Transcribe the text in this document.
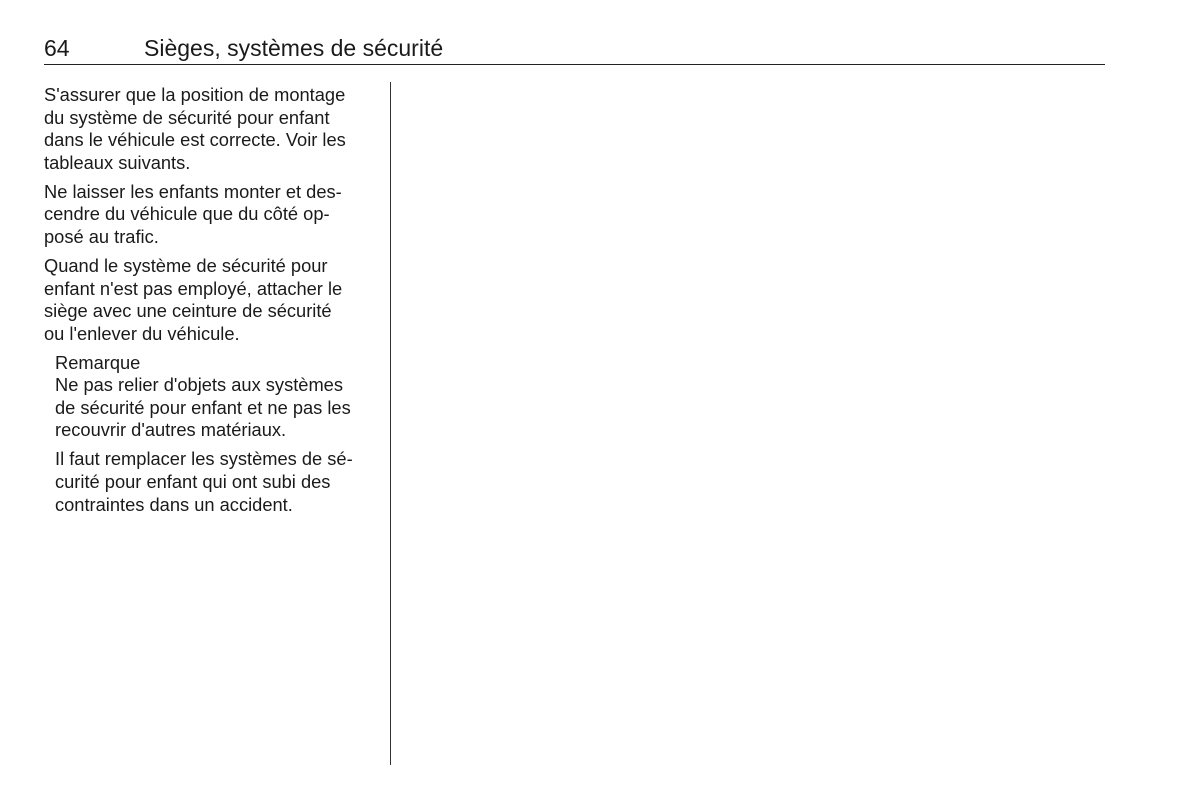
64	Sièges, systèmes de sécurité

S'assurer que la position de montage
du système de sécurité pour enfant
dans le véhicule est correcte. Voir les
tableaux suivants.

Ne laisser les enfants monter et des-
cendre du véhicule que du côté op-
posé au trafic.

Quand le système de sécurité pour
enfant n'est pas employé, attacher le
siège avec une ceinture de sécurité
ou l'enlever du véhicule.

Remarque

Ne pas relier d'objets aux systèmes
de sécurité pour enfant et ne pas les
recouvrir d'autres matériaux.

Il faut remplacer les systèmes de sé-
curité pour enfant qui ont subi des
contraintes dans un accident.
